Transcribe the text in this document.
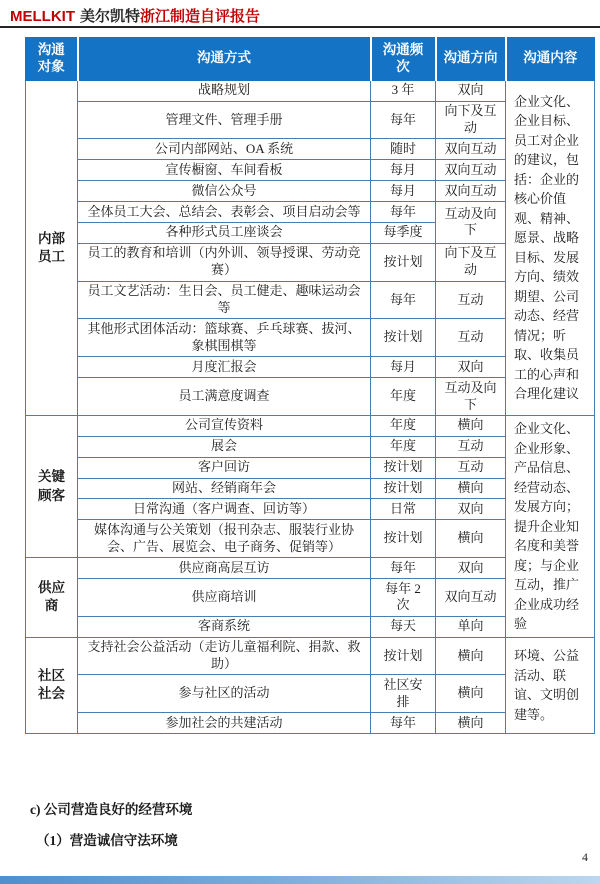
MELLKIT 美尔凯特浙江制造自评报告
沟通对象	沟通方式	沟通频次	沟通方向	沟通内容
内部员工	战略规划	3 年	双向	企业文化、企业目标、员工对企业的建议，包括：企业的核心价值观、精神、愿景、战略目标、发展方向、绩效期望、公司动态、经营情况；听取、收集员工的心声和合理化建议
	管理文件、管理手册	每年	向下及互动	
	公司内部网站、OA 系统	随时	双向互动	
	宣传橱窗、车间看板	每月	双向互动	
	微信公众号	每月	双向互动	
	全体员工大会、总结会、表彰会、项目启动会等	每年	互动及向下	
	各种形式员工座谈会	每季度		
	员工的教育和培训（内外训、领导授课、劳动竞赛）	按计划	向下及互动	
	员工文艺活动：生日会、员工健走、趣味运动会等	每年	互动	
	其他形式团体活动：篮球赛、乒乓球赛、拔河、象棋围棋等	按计划	互动	
	月度汇报会	每月	双向	
	员工满意度调查	年度	互动及向下	
关键顾客	公司宣传资料	年度	横向	企业文化、企业形象、产品信息、经营动态、发展方向；提升企业知名度和美誉度；与企业互动，推广企业成功经验
	展会	年度	互动	
	客户回访	按计划	互动	
	网站、经销商年会	按计划	横向	
	日常沟通（客户调查、回访等）	日常	双向	
	媒体沟通与公关策划（报刊杂志、服装行业协会、广告、展览会、电子商务、促销等）	按计划	横向	
供应商	供应商高层互访	每年	双向	
	供应商培训	每年 2 次	双向互动	
	客商系统	每天	单向	
社区社会	支持社会公益活动（走访儿童福利院、捐款、救助）	按计划	横向	环境、公益活动、联谊、文明创建等。
	参与社区的活动	社区安排	横向	
	参加社会的共建活动	每年	横向	
c) 公司营造良好的经营环境
（1）营造诚信守法环境
4
